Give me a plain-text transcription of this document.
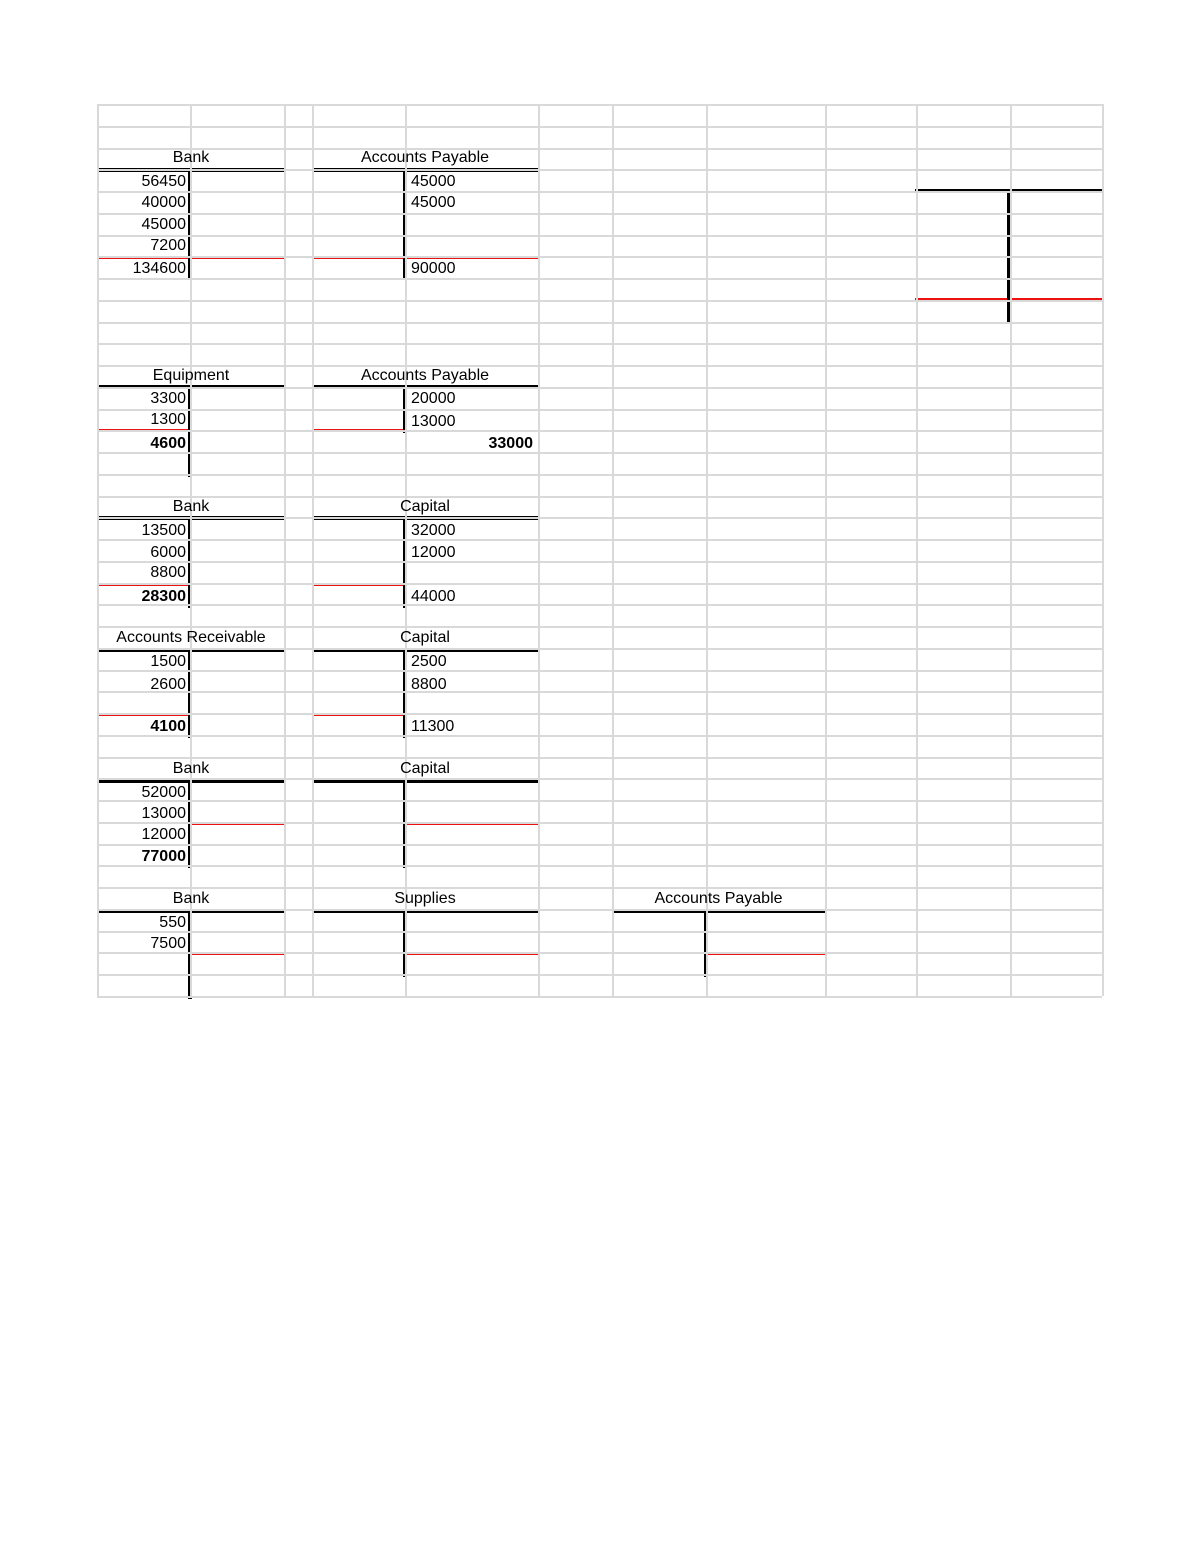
Bank
56450
40000
45000
7200
134600
Accounts Payable
45000
45000
90000
Equipment
3300
1300
4600
Accounts Payable
20000
13000
33000
Bank
13500
6000
8800
28300
Capital
32000
12000
44000
Accounts Receivable
1500
2600
4100
Capital
2500
8800
11300
Bank
52000
13000
12000
77000
Capital
Bank
550
7500
Supplies	Accounts Payable
